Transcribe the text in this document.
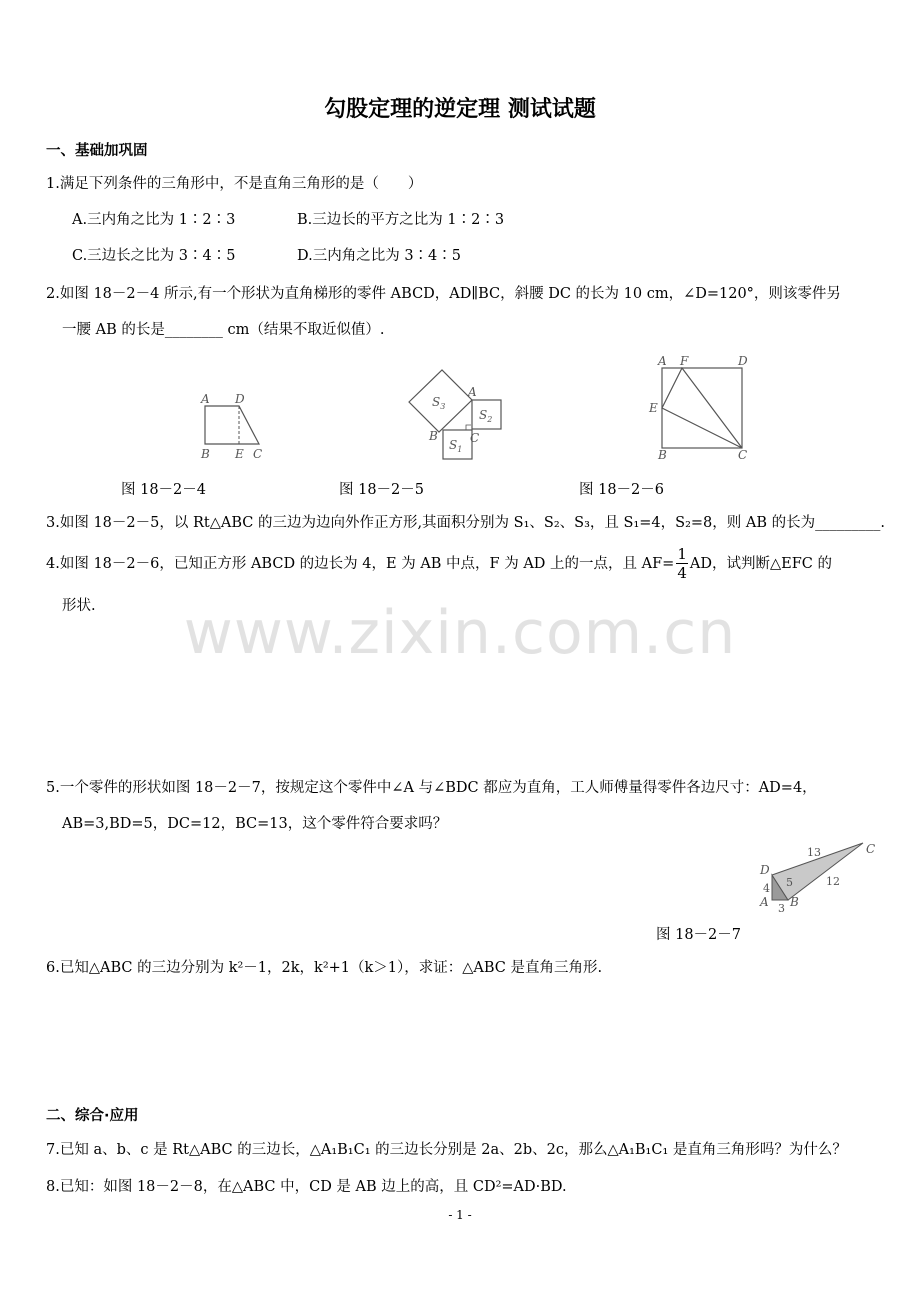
勾股定理的逆定理 测试试题
一、基础加巩固
1.满足下列条件的三角形中，不是直角三角形的是（　　）
A.三内角之比为 1∶2∶3	B.三边长的平方之比为 1∶2∶3
C.三边长之比为 3∶4∶5	D.三内角之比为 3∶4∶5
2.如图 18－2－4 所示,有一个形状为直角梯形的零件 ABCD，AD∥BC，斜腰 DC 的长为 10 cm，∠D=120°，则该零件另
一腰 AB 的长是________ cm（结果不取近似值）.
A D
B E C
图 18－2－4
$S_3$
$S_2$
$S_1$
A
B	C
图 18－2－5
A F	D
E
B	C
图 18－2－6
3.如图 18－2－5，以 Rt△ABC 的三边为边向外作正方形,其面积分别为 S₁、S₂、S₃，且 S₁=4，S₂=8，则 AB 的长为_________.
4.如图 18－2－6，已知正方形 ABCD 的边长为 4，E 为 AB 中点，F 为 AD 上的一点，且 $AF= \frac{1}{4}$ AD，试判断△EFC 的
形状.	www.zixin.com.cn
5.一个零件的形状如图 18－2－7，按规定这个零件中∠A 与∠BDC 都应为直角，工人师傅量得零件各边尺寸：AD=4，
AB=3,BD=5，DC=12，BC=13，这个零件符合要求吗？
D
C
A B
13
12
5
4
3
图 18－2－7
6.已知△ABC 的三边分别为 k²－1，2k，k²+1（k＞1），求证：△ABC 是直角三角形.
二、综合·应用
7.已知 a、b、c 是 Rt△ABC 的三边长，△A₁B₁C₁ 的三边长分别是 2a、2b、2c，那么△A₁B₁C₁ 是直角三角形吗？为什么？
8.已知：如图 18－2－8，在△ABC 中，CD 是 AB 边上的高，且 CD²=AD·BD.
- 1 -
